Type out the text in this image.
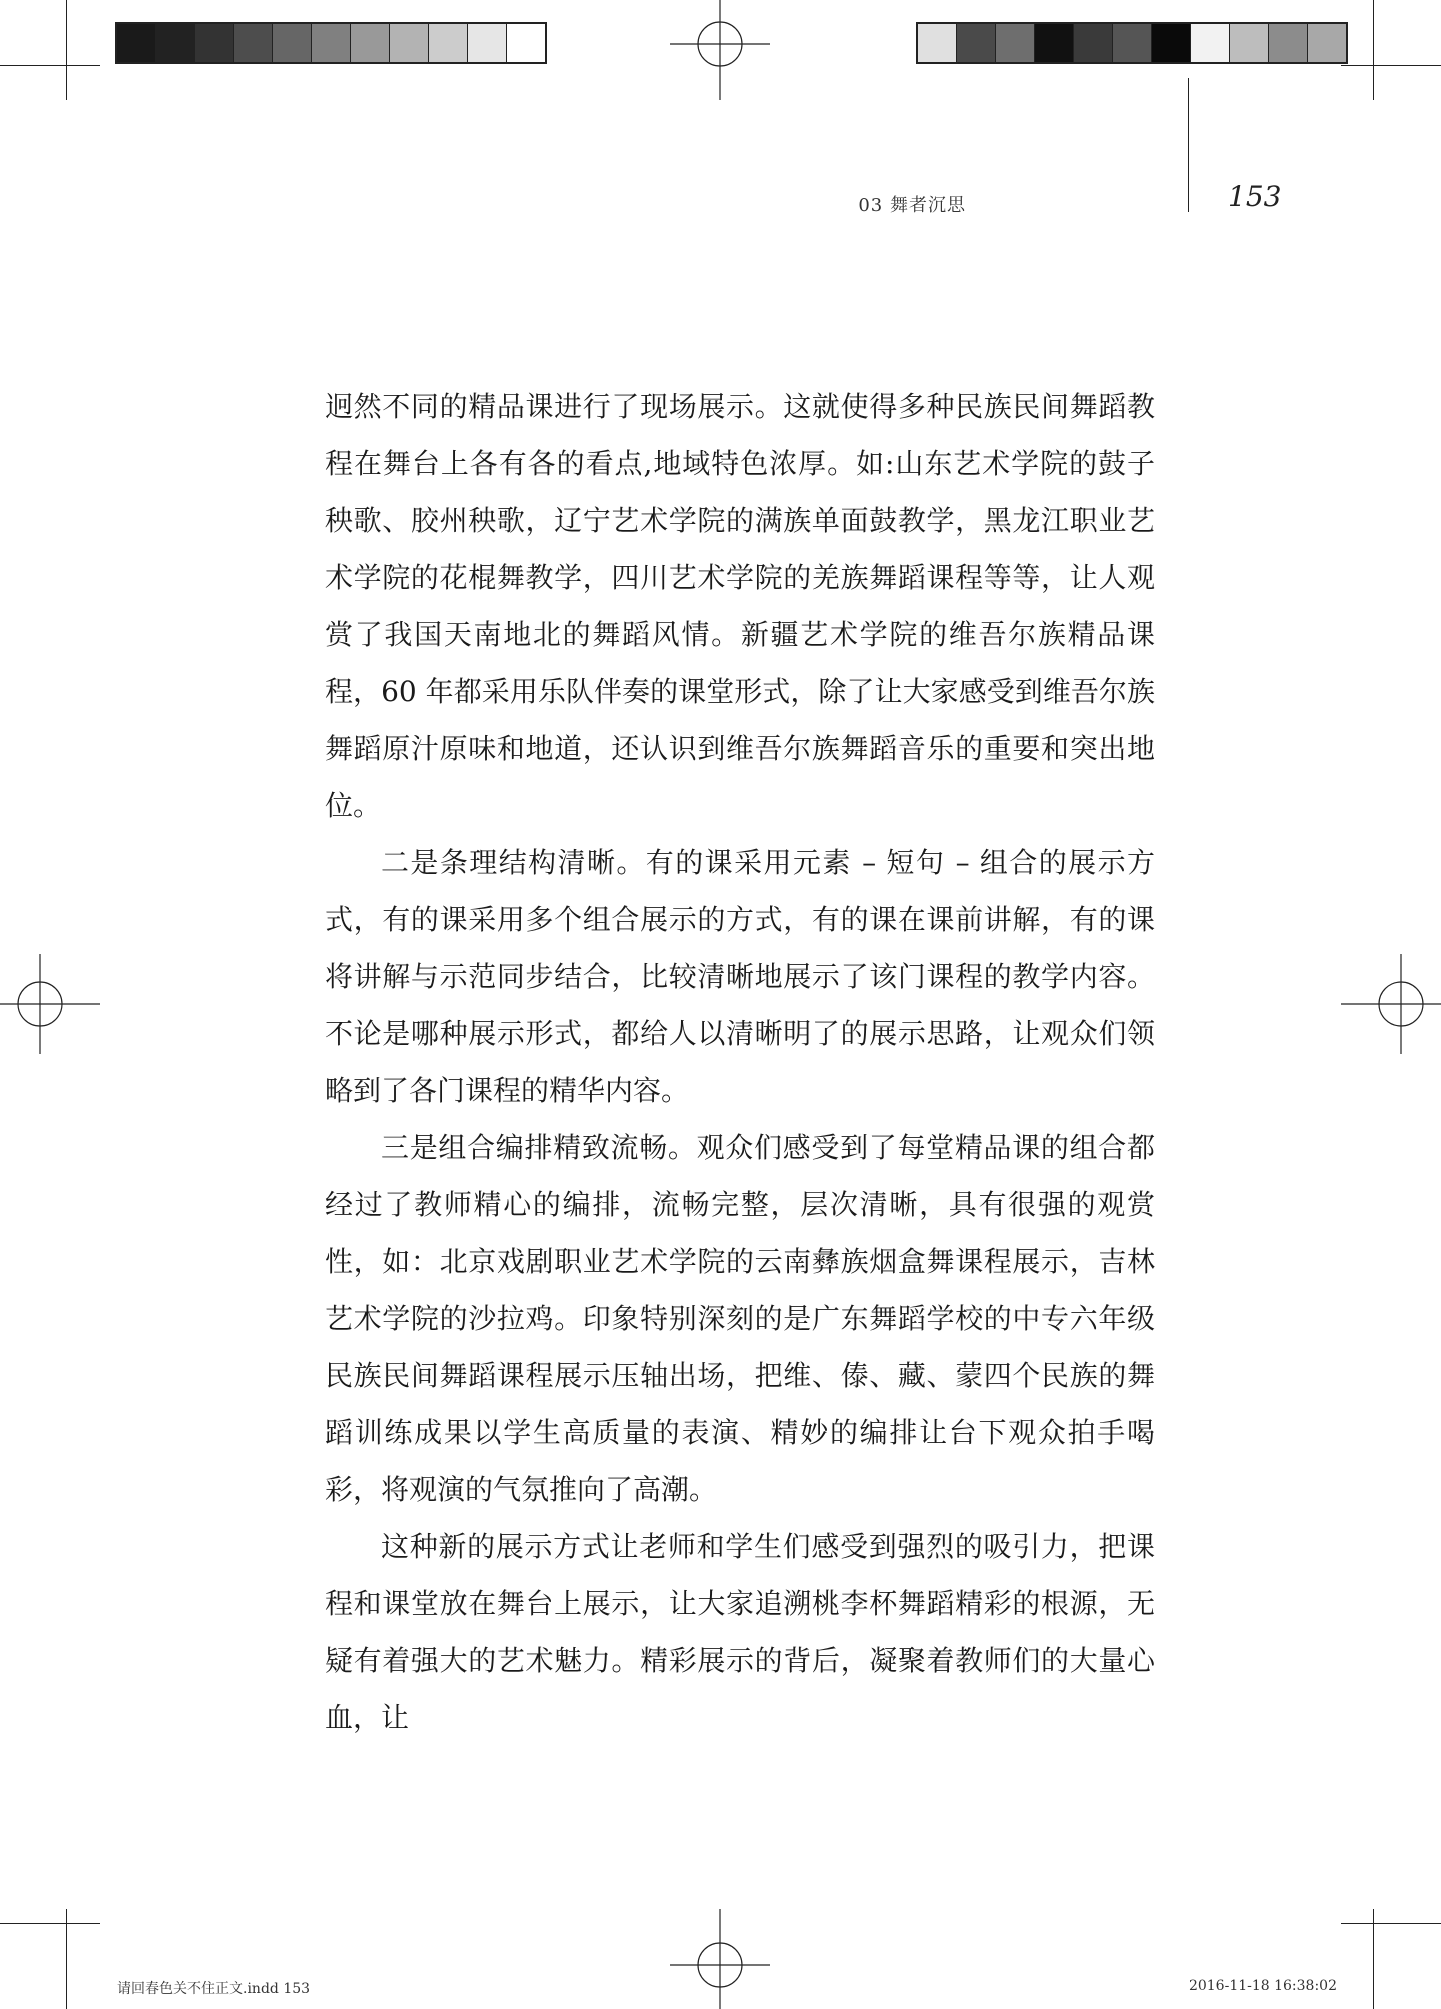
03 舞者沉思	153

迥然不同的精品课进行了现场展示。这就使得多种民族民间舞蹈教程在舞台上各有各的看点,地域特色浓厚。如:山东艺术学院的鼓子秧歌、胶州秧歌，辽宁艺术学院的满族单面鼓教学，黑龙江职业艺术学院的花棍舞教学，四川艺术学院的羌族舞蹈课程等等，让人观赏了我国天南地北的舞蹈风情。新疆艺术学院的维吾尔族精品课程，60 年都采用乐队伴奏的课堂形式，除了让大家感受到维吾尔族舞蹈原汁原味和地道，还认识到维吾尔族舞蹈音乐的重要和突出地位。

二是条理结构清晰。有的课采用元素 – 短句 – 组合的展示方式，有的课采用多个组合展示的方式，有的课在课前讲解，有的课将讲解与示范同步结合，比较清晰地展示了该门课程的教学内容。不论是哪种展示形式，都给人以清晰明了的展示思路，让观众们领略到了各门课程的精华内容。

三是组合编排精致流畅。观众们感受到了每堂精品课的组合都经过了教师精心的编排，流畅完整，层次清晰，具有很强的观赏性，如：北京戏剧职业艺术学院的云南彝族烟盒舞课程展示，吉林艺术学院的沙拉鸡。印象特别深刻的是广东舞蹈学校的中专六年级民族民间舞蹈课程展示压轴出场，把维、傣、藏、蒙四个民族的舞蹈训练成果以学生高质量的表演、精妙的编排让台下观众拍手喝彩，将观演的气氛推向了高潮。

这种新的展示方式让老师和学生们感受到强烈的吸引力，把课程和课堂放在舞台上展示，让大家追溯桃李杯舞蹈精彩的根源，无疑有着强大的艺术魅力。精彩展示的背后，凝聚着教师们的大量心血，让

请回春色关不住正文.indd 153	2016-11-18 16:38:02
